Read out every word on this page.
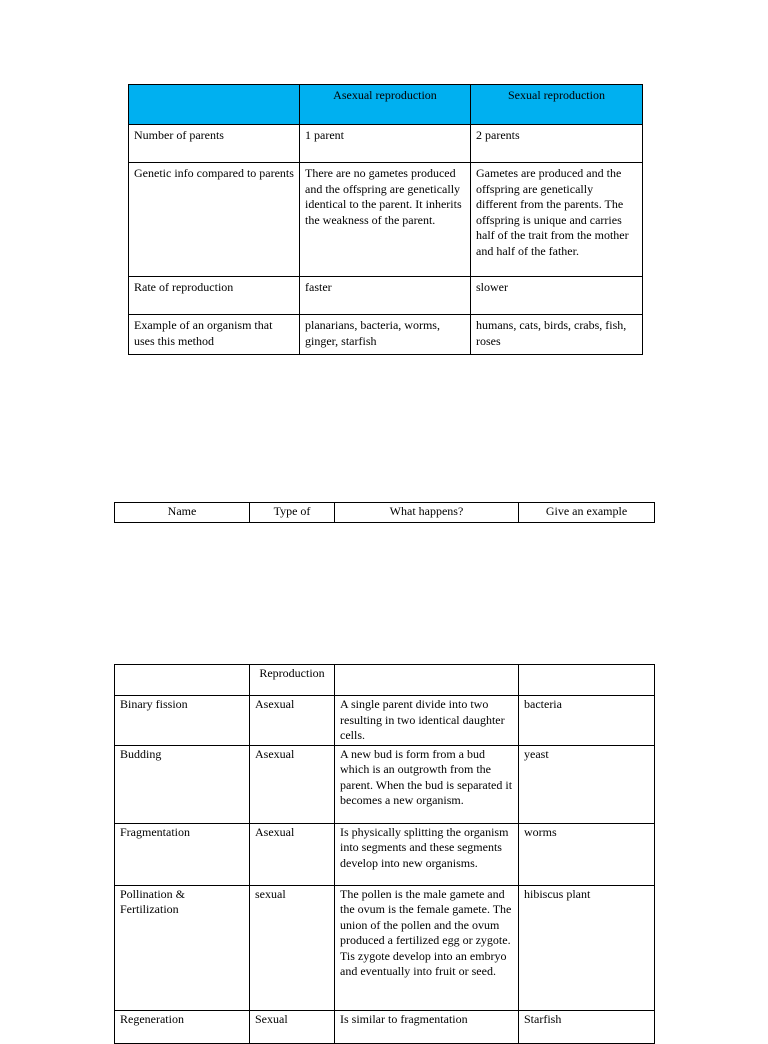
	Asexual reproduction	Sexual reproduction
Number of parents	1 parent	2 parents
Genetic info compared to parents	There are no gametes produced and the offspring are genetically identical to the parent. It inherits the weakness of the parent.	Gametes are produced and the offspring are genetically different from the parents. The offspring is unique and carries half of the trait from the mother and half of the father.
Rate of reproduction	faster	slower
Example of an organism that uses this method	planarians, bacteria, worms, ginger, starfish	humans, cats, birds, crabs, fish, roses
Name	Type of	What happens?	Give an example
	Reproduction		
Binary fission	Asexual	A single parent divide into two resulting in two identical daughter cells.	bacteria
Budding	Asexual	A new bud is form from a bud which is an outgrowth from the parent. When the bud is separated it becomes a new organism.	yeast
Fragmentation	Asexual	Is physically splitting the organism into segments and these segments develop into new organisms.	worms
Pollination & Fertilization	sexual	The pollen is the male gamete and the ovum is the female gamete. The union of the pollen and the ovum produced a fertilized egg or zygote. Tis zygote develop into an embryo and eventually into fruit or seed.	hibiscus plant
Regeneration	Sexual	Is similar to fragmentation	Starfish
